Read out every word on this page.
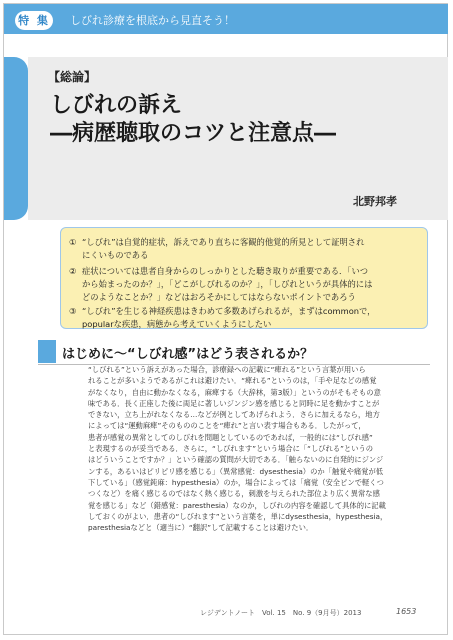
特 集 しびれ診療を根底から見直そう！
【総論】
しびれの訴え
―病歴聴取のコツと注意点―
北野邦孝
① “しびれ”は自覚的症状，訴えであり直ちに客観的他覚的所見として証明され
にくいものである
② 症状については患者自身からのしっかりとした聴き取りが重要である．「いつ
から始まったのか？」，「どこがしびれるのか？」，「しびれというが具体的には
どのようなことか？」などはおろそかにしてはならないポイントであろう
③ “しびれ”を生じる神経疾患はきわめて多数あげられるが，まずはcommonで，
popularな疾患，病態から考えていくようにしたい
はじめに～“しびれ感”はどう表されるか？

“しびれる”という訴えがあった場合，診療録への記載に“痺れる”という言葉が用いら

れることが多いようであるがこれは避けたい．“痺れる”というのは，「手や足などの感覚

がなくなり，自由に動かなくなる，麻痺する（大辞林，第3版）」というのがそもそもの意

味である．長く正座した後に両足に著しいジンジン感を感じると同時に足を動かすことが

できない，立ち上がれなくなる…などが例としてあげられよう．さらに加えるなら，地方

によっては“運動麻痺”そのもののことを“痺れ”と言い表す場合もある．したがって，

患者が感覚の異常としてのしびれを問題としているのであれば，一般的には“しびれ感”

と表現するのが妥当である．さらに，“しびれます”という場合に「“しびれる”というの

はどういうことですか？」という確認の質問が大切である．「触らないのに自発的にジンジ

ンする，あるいはピリピリ感を感じる」（異常感覚：dysesthesia）のか「触覚や痛覚が低

下している」（感覚鈍麻：hypesthesia）のか，場合によっては「痛覚（安全ピンで軽くつ

つくなど）を痛く感じるのではなく熱く感じる，刺激を与えられた部位より広く異常な感

覚を感じる」など（錯感覚：paresthesia）なのか，しびれの内容を確認して具体的に記載

しておくのがよい．患者の“しびれます”という言葉を，単にdysesthesia，hypesthesia，

paresthesiaなどと（適当に）“翻訳”して記載することは避けたい．

レジデントノート　Vol. 15　No. 9（9月号）2013	1653
